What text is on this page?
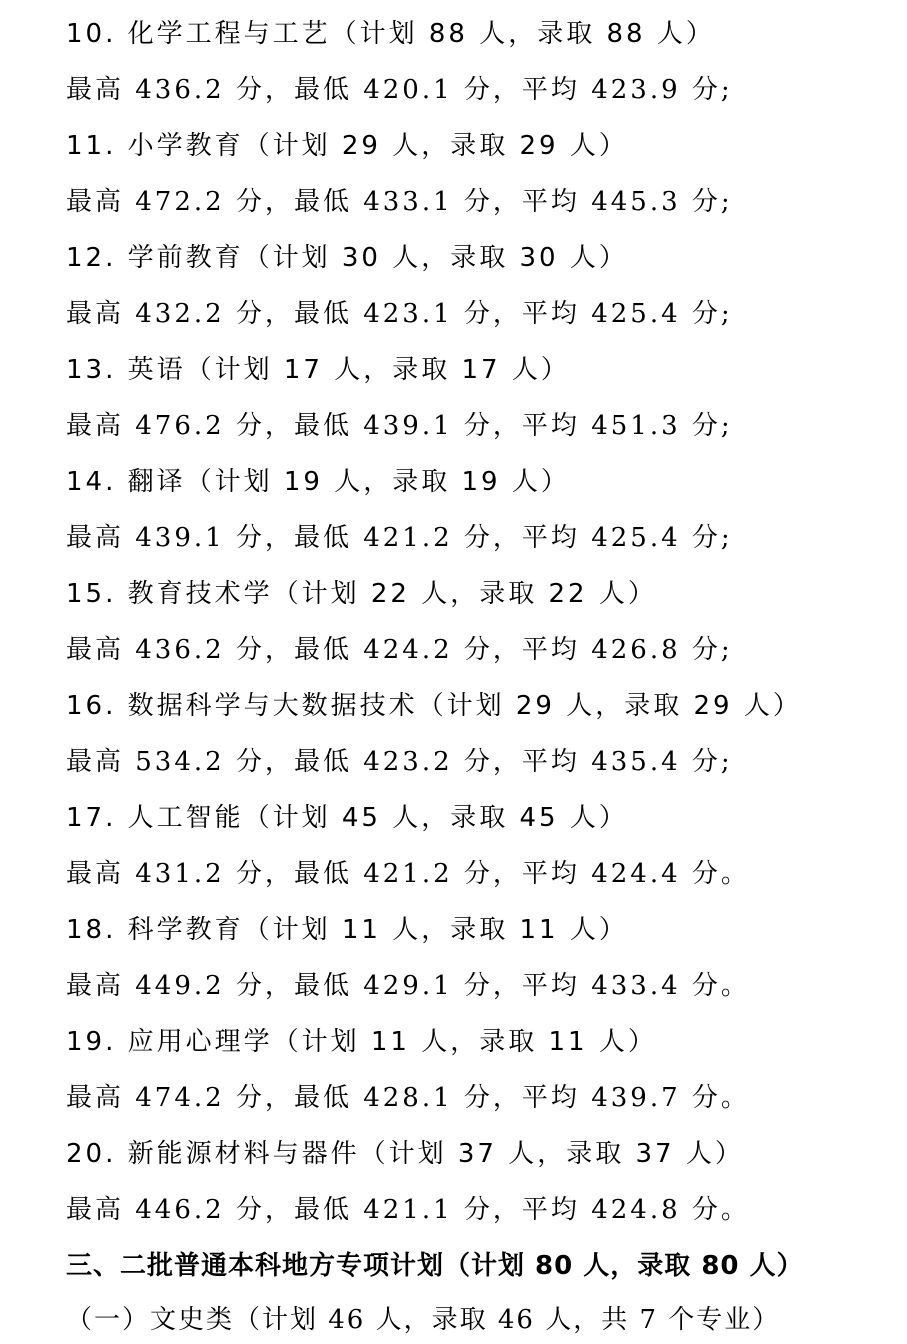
10. 化学工程与工艺（计划 88 人，录取 88 人）
最高 436.2 分，最低 420.1 分，平均 423.9 分;
11. 小学教育（计划 29 人，录取 29 人）
最高 472.2 分，最低 433.1 分，平均 445.3 分;
12. 学前教育（计划 30 人，录取 30 人）
最高 432.2 分，最低 423.1 分，平均 425.4 分;
13. 英语（计划 17 人，录取 17 人）
最高 476.2 分，最低 439.1 分，平均 451.3 分;
14. 翻译（计划 19 人，录取 19 人）
最高 439.1 分，最低 421.2 分，平均 425.4 分;
15. 教育技术学（计划 22 人，录取 22 人）
最高 436.2 分，最低 424.2 分，平均 426.8 分;
16. 数据科学与大数据技术（计划 29 人，录取 29 人）
最高 534.2 分，最低 423.2 分，平均 435.4 分;
17. 人工智能（计划 45 人，录取 45 人）
最高 431.2 分，最低 421.2 分，平均 424.4 分。
18. 科学教育（计划 11 人，录取 11 人）
最高 449.2 分，最低 429.1 分，平均 433.4 分。
19. 应用心理学（计划 11 人，录取 11 人）
最高 474.2 分，最低 428.1 分，平均 439.7 分。
20. 新能源材料与器件（计划 37 人，录取 37 人）
最高 446.2 分，最低 421.1 分，平均 424.8 分。
三、二批普通本科地方专项计划（计划 80 人，录取 80 人）
（一）文史类（计划 46 人，录取 46 人，共 7 个专业）
